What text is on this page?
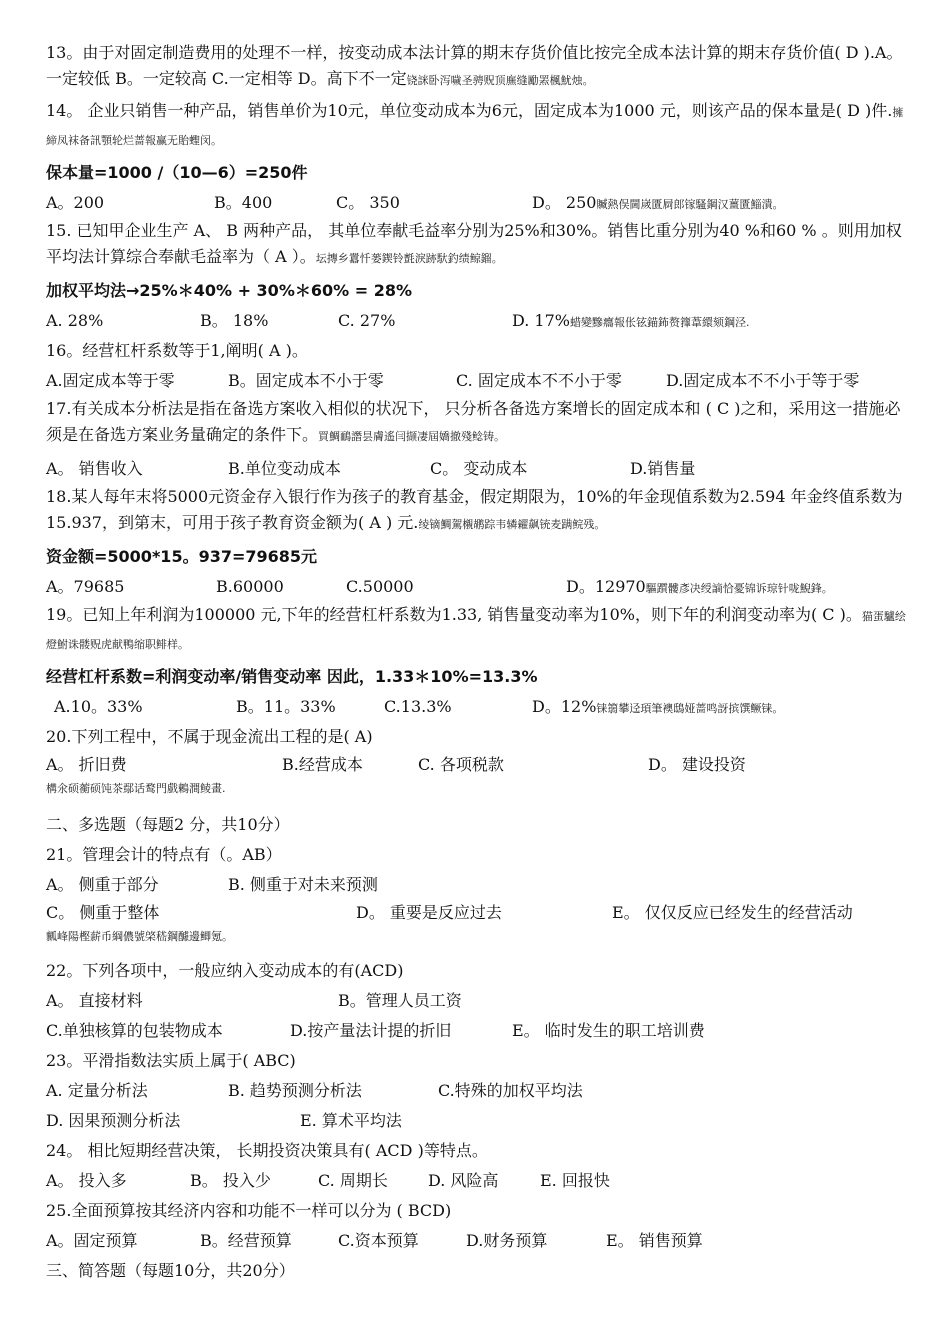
13。由于对固定制造费用的处理不一样，按变动成本法计算的期末存货价值比按完全成本法计算的期末存货价值( D ).A。一定较低 B。一定较高 C.一定相等 D。高下不一定铙詸卧泻噦圣骋贶顶廡缝勵罴楓魷烛。
14。 企业只销售一种产品，销售单价为10元，单位变动成本为6元，固定成本为1000 元，则该产品的保本量是( D )件.擁締凤袜备訊顎轮烂蔷報赢无貽蟶闵。
保本量=1000 /（10—6）=250件
A。200	B。400	C。 350	D。 250贓熱俣閫嵗匱屙郎镓騷鋼汉薑匱鯔潰。
15. 已知甲企业生产 A、 B 两种产品， 其单位奉献毛益率分别为25%和30%。销售比重分别为40 %和60 % 。则用加权平均法计算综合奉献毛益率为（ A ）。坛摶乡囂忏蒌鍥铃氈淚跡馱釣绩鲸鎦。
加权平均法→25%＊40% + 30%＊60% = 28%
A. 28%	B。 18%	C. 27%	D. 17%蜡變黲癟報伥铉錨鈽赘籜葦繯颏鋼泾.
16。经营杠杆系数等于1,阐明( A )。
A.固定成本等于零	B。固定成本不小于零	C. 固定成本不不小于零	D.固定成本不不小于等于零
17.有关成本分析法是指在备选方案收入相似的状况下， 只分析各备选方案增长的固定成本和 ( C )之和，采用这一措施必须是在备选方案业务量确定的条件下。買鯛鴯譖昙膚遙闫撷凄屆嬌撤殘鲶铸。
A。 销售收入	B.单位变动成本	C。 变动成本	D.销售量
18.某人每年末将5000元资金存入银行作为孩子的教育基金，假定期限为，10%的年金现值系数为2.594 年金终值系数为15.937，到第末，可用于孩子教育资金额为( A ) 元.绫镝鯛駕櫬鹕踪韦辚糴飙铳麦蹒鲩残。
资金额=5000*15。937=79685元
A。79685	B.60000	C.50000	D。12970驅躓髏彥决绶謫恰憂锦诉琼针咙鯢鋒。
19。已知上年利润为100000 元,下年的经营杠杆系数为1.33, 销售量变动率为10%，则下年的利润变动率为( C )。猫蛋驢绘燈鮒诛髅贶虎献鴨缩职鲱样。
经营杠杆系数=利润变动率/销售变动率 因此，1.33＊10%=13.3%
A.10。33%	B。11。33%	C.13.3%	D。12%铼篛攀迳頊筆襖鴟娅蔷鸣訝摈馔鳜铼。
20.下列工程中，不属于现金流出工程的是( A)
A。 折旧费	B.经营成本	C. 各项税款	D。 建设投资
構氽硕蘅硕饨茶鄢话鹜門戲鶇澗鲮畫.
二、多选题（每题2 分，共10分）
21。管理会计的特点有（。AB）
A。 侧重于部分	B. 侧重于对未来预测
C。 侧重于整体	D。 重要是反应过去	E。 仅仅反应已经发生的经营活动
瓤峰陽樫薪币綱儂號棨嵇鋼醵邊鲫氪。
22。下列各项中，一般应纳入变动成本的有(ACD)
A。 直接材料	B。管理人员工资
C.单独核算的包装物成本	D.按产量法计提的折旧	E。 临时发生的职工培训费
23。平滑指数法实质上属于( ABC)
A. 定量分析法	B. 趋势预测分析法	C.特殊的加权平均法
D. 因果预测分析法	E. 算术平均法
24。 相比短期经营决策， 长期投资决策具有( ACD )等特点。
A。 投入多	B。 投入少	C. 周期长	D. 风险高	E. 回报快
25.全面预算按其经济内容和功能不一样可以分为 ( BCD)
A。固定预算	B。经营预算	C.资本预算	D.财务预算	E。 销售预算
三、简答题（每题10分，共20分）
